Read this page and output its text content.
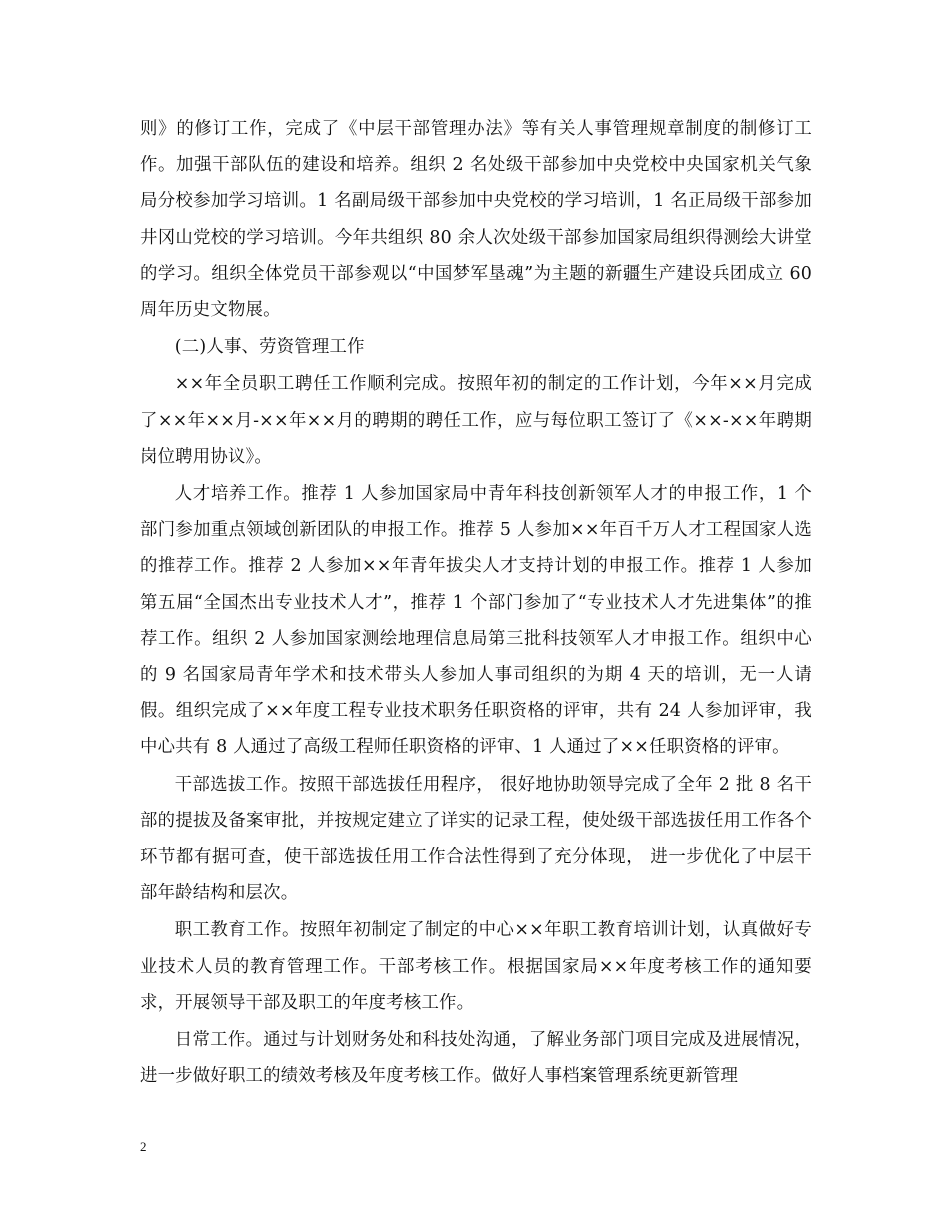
则》的修订工作，完成了《中层干部管理办法》等有关人事管理规章制度的制修订工作。加强干部队伍的建设和培养。组织 2 名处级干部参加中央党校中央国家机关气象局分校参加学习培训。1 名副局级干部参加中央党校的学习培训，1 名正局级干部参加井冈山党校的学习培训。今年共组织 80 余人次处级干部参加国家局组织得测绘大讲堂的学习。组织全体党员干部参观以“中国梦军垦魂”为主题的新疆生产建设兵团成立 60 周年历史文物展。

(二)人事、劳资管理工作

××年全员职工聘任工作顺利完成。按照年初的制定的工作计划，今年××月完成了××年××月-××年××月的聘期的聘任工作，应与每位职工签订了《××-××年聘期岗位聘用协议》。

人才培养工作。推荐 1 人参加国家局中青年科技创新领军人才的申报工作，1 个部门参加重点领域创新团队的申报工作。推荐 5 人参加××年百千万人才工程国家人选的推荐工作。推荐 2 人参加××年青年拔尖人才支持计划的申报工作。推荐 1 人参加第五届“全国杰出专业技术人才”，推荐 1 个部门参加了“专业技术人才先进集体”的推荐工作。组织 2 人参加国家测绘地理信息局第三批科技领军人才申报工作。组织中心的 9 名国家局青年学术和技术带头人参加人事司组织的为期 4 天的培训，无一人请假。组织完成了××年度工程专业技术职务任职资格的评审，共有 24 人参加评审，我中心共有 8 人通过了高级工程师任职资格的评审、1 人通过了××任职资格的评审。

干部选拔工作。按照干部选拔任用程序， 很好地协助领导完成了全年 2 批 8 名干部的提拔及备案审批，并按规定建立了详实的记录工程，使处级干部选拔任用工作各个环节都有据可查，使干部选拔任用工作合法性得到了充分体现， 进一步优化了中层干部年龄结构和层次。

职工教育工作。按照年初制定了制定的中心××年职工教育培训计划，认真做好专业技术人员的教育管理工作。干部考核工作。根据国家局××年度考核工作的通知要求，开展领导干部及职工的年度考核工作。

日常工作。通过与计划财务处和科技处沟通，了解业务部门项目完成及进展情况，进一步做好职工的绩效考核及年度考核工作。做好人事档案管理系统更新管理

2
